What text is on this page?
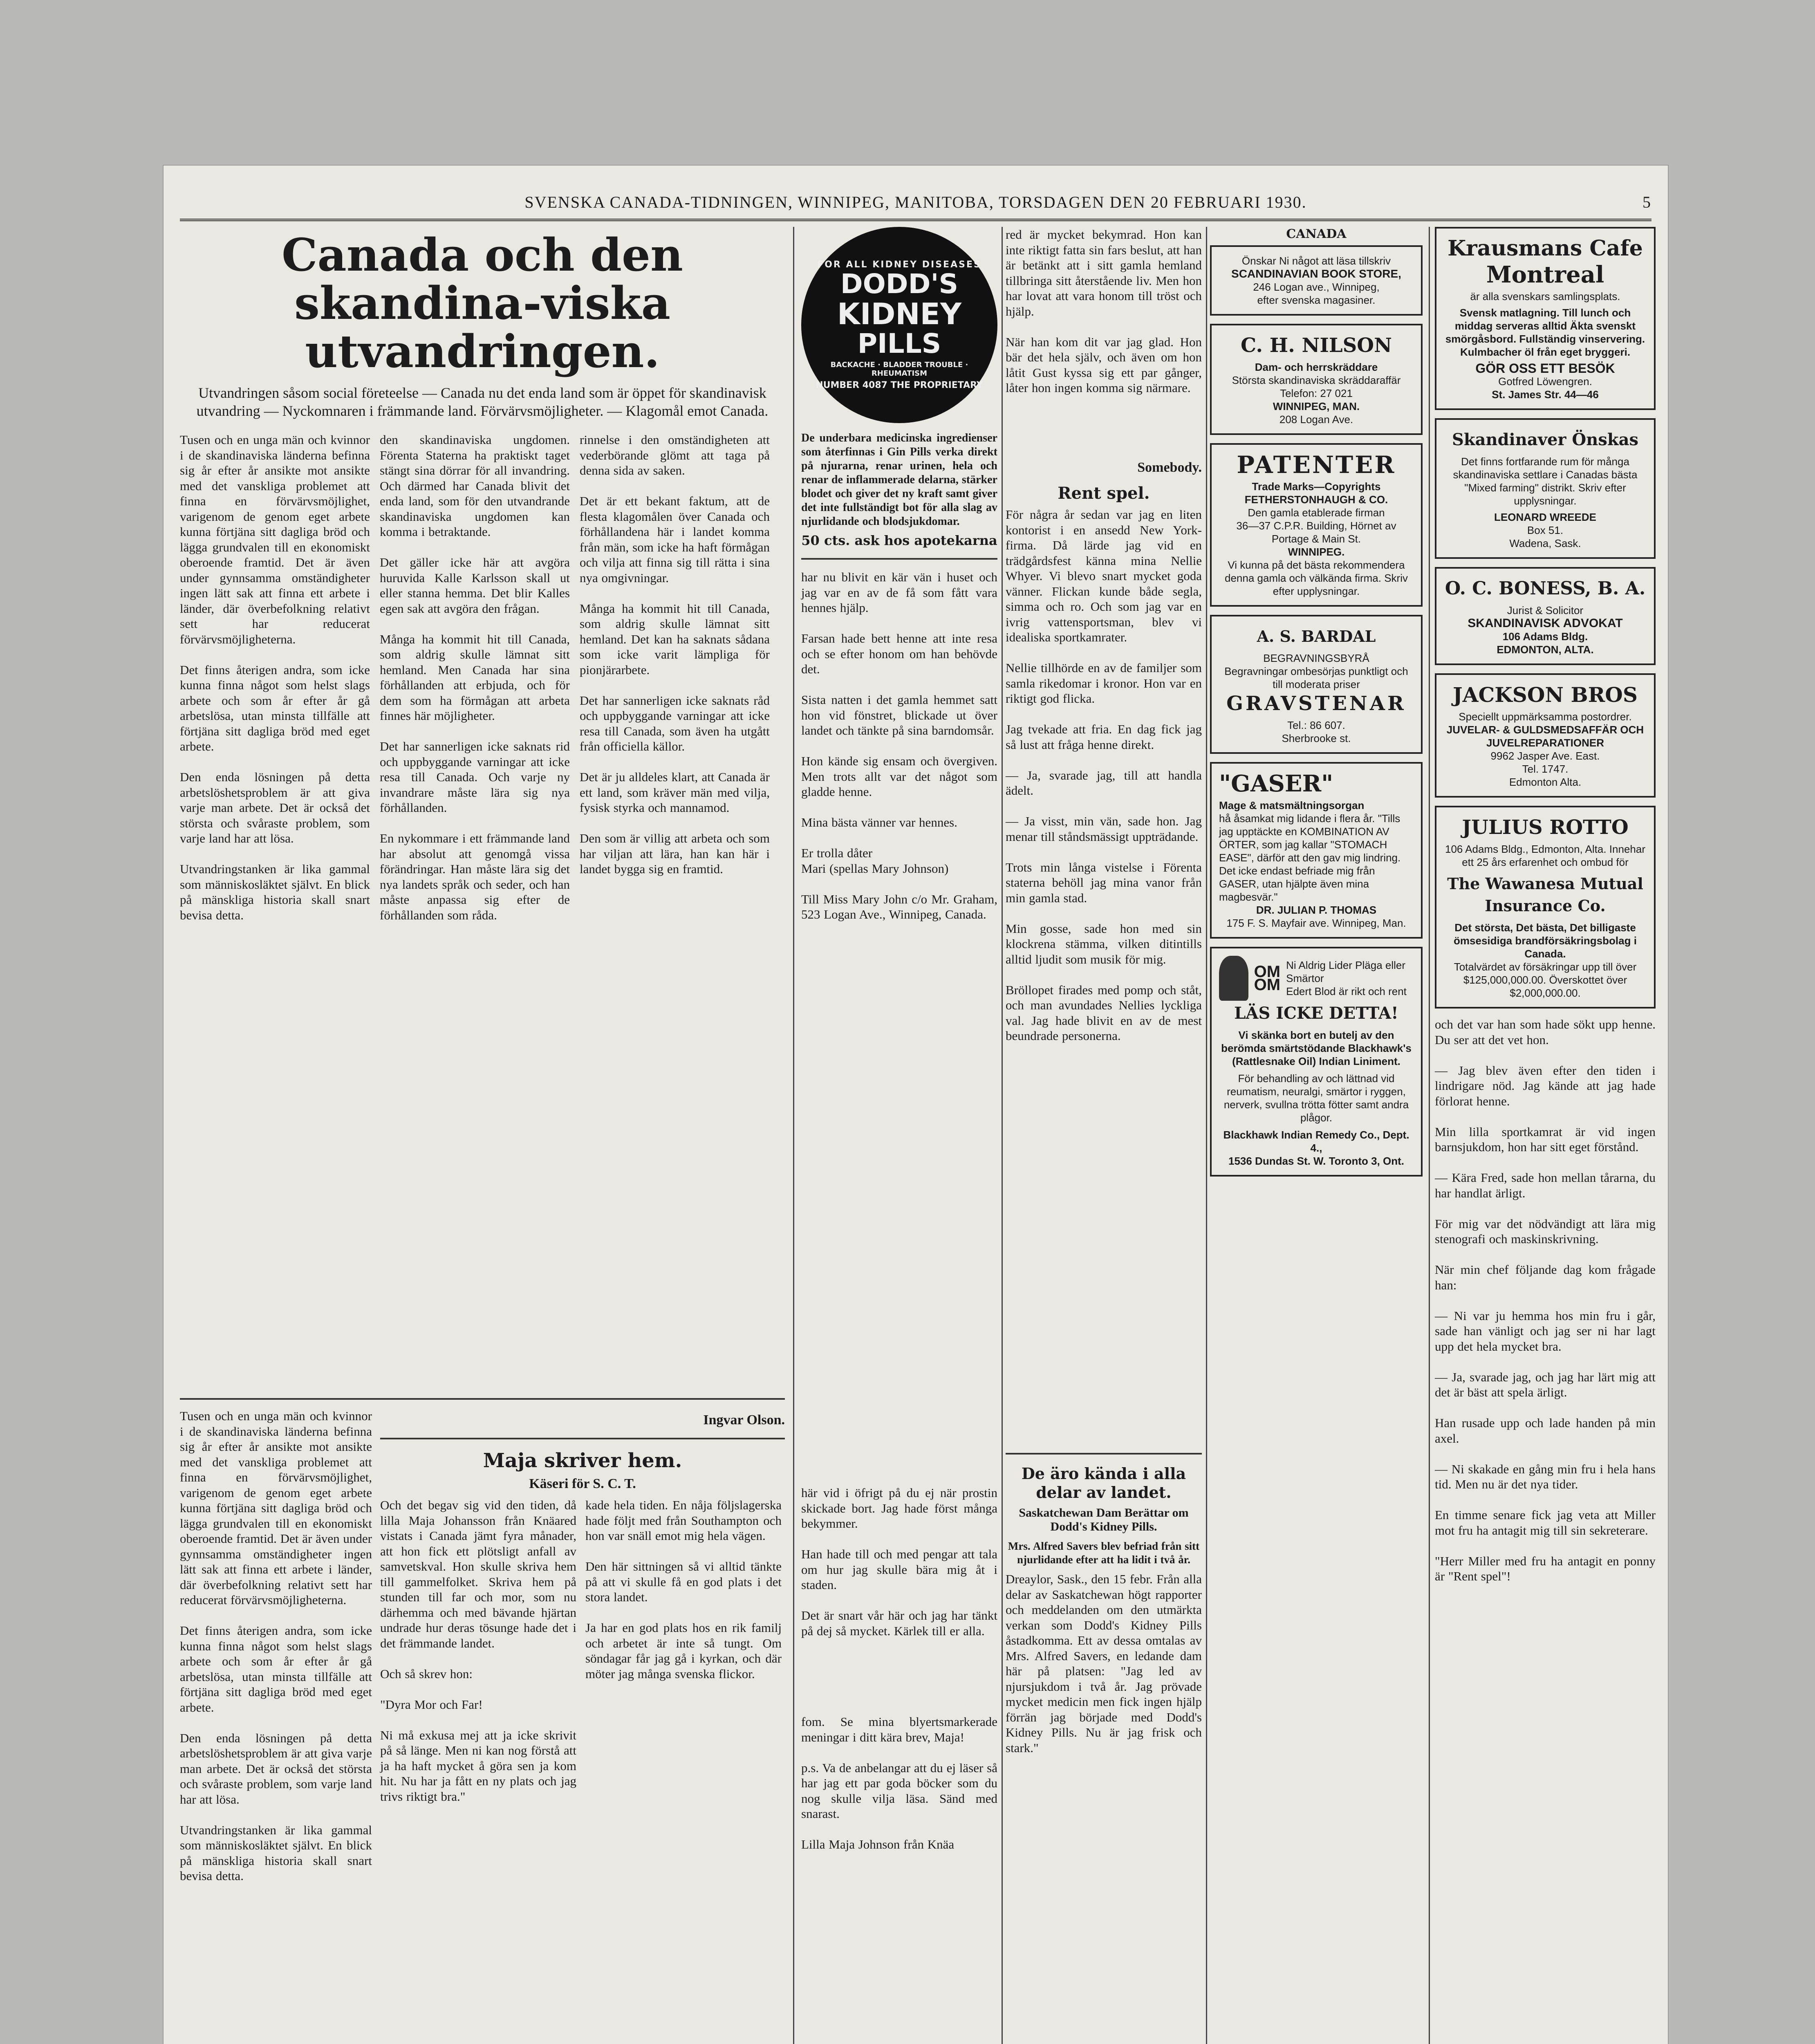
SVENSKA CANADA-TIDNINGEN, WINNIPEG, MANITOBA, TORSDAGEN DEN 20 FEBRUARI 1930.	5
Canada och den skandina-viska utvandringen.
Utvandringen såsom social företeelse — Canada nu det enda land som är öppet för skandinavisk utvandring — Nyckomnaren i främmande land. Förvärvsmöjligheter. — Klagomål emot Canada.
Tusen och en unga män och kvinnor i de skandinaviska länderna befinna sig år efter år ansikte mot ansikte med det vanskliga problemet att finna en förvärvsmöjlighet, varigenom de genom eget arbete kunna förtjäna sitt dagliga bröd och lägga grundvalen till en ekonomiskt oberoende framtid. Det är även under gynnsamma omständigheter ingen lätt sak att finna ett arbete i länder, där överbefolkning relativt sett har reducerat förvärvsmöjligheterna.

Det finns återigen andra, som icke kunna finna något som helst slags arbete och som år efter år gå arbetslösa, utan minsta tillfälle att förtjäna sitt dagliga bröd med eget arbete.

Den enda lösningen på detta arbetslöshetsproblem är att giva varje man arbete. Det är också det största och svåraste problem, som varje land har att lösa.

Utvandringstanken är lika gammal som människosläktet självt. En blick på mänskliga historia skall snart bevisa detta.
den skandinaviska ungdomen. Förenta Staterna ha praktiskt taget stängt sina dörrar för all invandring. Och därmed har Canada blivit det enda land, som för den utvandrande skandinaviska ungdomen kan komma i betraktande.

Det gäller icke här att avgöra huruvida Kalle Karlsson skall ut eller stanna hemma. Det blir Kalles egen sak att avgöra den frågan.

Många ha kommit hit till Canada, som aldrig skulle lämnat sitt hemland. Men Canada har sina förhållanden att erbjuda, och för dem som ha förmågan att arbeta finnes här möjligheter.

Det har sannerligen icke saknats rid och uppbyggande varningar att icke resa till Canada. Och varje ny invandrare måste lära sig nya förhållanden.

En nykommare i ett främmande land har absolut att genomgå vissa förändringar. Han måste lära sig det nya landets språk och seder, och han måste anpassa sig efter de förhållanden som råda.
rinnelse i den omständigheten att vederbörande glömt att taga på denna sida av saken.

Det är ett bekant faktum, att de flesta klagomålen över Canada och förhållandena här i landet komma från män, som icke ha haft förmågan och vilja att finna sig till rätta i sina nya omgivningar.

Många ha kommit hit till Canada, som aldrig skulle lämnat sitt hemland. Det kan ha saknats sådana som icke varit lämpliga för pionjärarbete.

Det har sannerligen icke saknats råd och uppbyggande varningar att icke resa till Canada, som även ha utgått från officiella källor.

Det är ju alldeles klart, att Canada är ett land, som kräver män med vilja, fysisk styrka och mannamod.

Den som är villig att arbeta och som har viljan att lära, han kan här i landet bygga sig en framtid.
Tusen och en unga män och kvinnor i de skandinaviska länderna befinna sig år efter år ansikte mot ansikte med det vanskliga problemet att finna en förvärvsmöjlighet, varigenom de genom eget arbete kunna förtjäna sitt dagliga bröd och lägga grundvalen till en ekonomiskt oberoende framtid. Det är även under gynnsamma omständigheter ingen lätt sak att finna ett arbete i länder, där överbefolkning relativt sett har reducerat förvärvsmöjligheterna.

Det finns återigen andra, som icke kunna finna något som helst slags arbete och som år efter år gå arbetslösa, utan minsta tillfälle att förtjäna sitt dagliga bröd med eget arbete.

Den enda lösningen på detta arbetslöshetsproblem är att giva varje man arbete. Det är också det största och svåraste problem, som varje land har att lösa.

Utvandringstanken är lika gammal som människosläktet självt. En blick på mänskliga historia skall snart bevisa detta.
Ingvar Olson.
Maja skriver hem.
Käseri för S. C. T.
Och det begav sig vid den tiden, då lilla Maja Johansson från Knäared vistats i Canada jämt fyra månader, att hon fick ett plötsligt anfall av samvetskval. Hon skulle skriva hem till gammelfolket. Skriva hem på stunden till far och mor, som nu därhemma och med bävande hjärtan undrade hur deras tösunge hade det i det främmande landet.

Och så skrev hon:

"Dyra Mor och Far!

Ni må exkusa mej att ja icke skrivit på så länge. Men ni kan nog förstå att ja ha haft mycket å göra sen ja kom hit. Nu har ja fått en ny plats och jag trivs riktigt bra."
kade hela tiden. En nåja följslagerska hade följt med från Southampton och hon var snäll emot mig hela vägen.

Den här sittningen så vi alltid tänkte på att vi skulle få en god plats i det stora landet.

Ja har en god plats hos en rik familj och arbetet är inte så tungt. Om söndagar får jag gå i kyrkan, och där möter jag många svenska flickor.
FOR ALL KIDNEY DISEASES
DODD'S
KIDNEY
PILLS
BACKACHE · BLADDER TROUBLE · RHEUMATISM
NUMBER 4087 THE PROPRIETARY
De underbara medicinska ingredienser som återfinnas i Gin Pills verka direkt på njurarna, renar urinen, hela och renar de inflammerade delarna, stärker blodet och giver det ny kraft samt giver det inte fullständigt bot för alla slag av njurlidande och blodsjukdomar.
50 cts. ask hos apotekarna
har nu blivit en kär vän i huset och jag var en av de få som fått vara hennes hjälp.

Farsan hade bett henne att inte resa och se efter honom om han behövde det.

Sista natten i det gamla hemmet satt hon vid fönstret, blickade ut över landet och tänkte på sina barndomsår.

Hon kände sig ensam och övergiven. Men trots allt var det något som gladde henne.

Mina bästa vänner var hennes.

Er trolla dåter
Mari (spellas Mary Johnson)

Till Miss Mary John c/o Mr. Graham, 523 Logan Ave., Winnipeg, Canada.
här vid i öfrigt på du ej när prostin skickade bort. Jag hade först många bekymmer.

Han hade till och med pengar att tala om hur jag skulle bära mig åt i staden.

Det är snart vår här och jag har tänkt på dej så mycket. Kärlek till er alla.
fom. Se mina blyertsmarkerade meningar i ditt kära brev, Maja!

p.s. Va de anbelangar att du ej läser så har jag ett par goda böcker som du nog skulle vilja läsa. Sänd med snarast.

Lilla Maja Johnson från Knäa
red är mycket bekymrad. Hon kan inte riktigt fatta sin fars beslut, att han är betänkt att i sitt gamla hemland tillbringa sitt återstående liv. Men hon har lovat att vara honom till tröst och hjälp.

När han kom dit var jag glad. Hon bär det hela själv, och även om hon låtit Gust kyssa sig ett par gånger, låter hon ingen komma sig närmare.
Somebody.
Rent spel.
För några år sedan var jag en liten kontorist i en ansedd New York-firma. Då lärde jag vid en trädgårdsfest känna mina Nellie Whyer. Vi blevo snart mycket goda vänner. Flickan kunde både segla, simma och ro. Och som jag var en ivrig vattensportsman, blev vi idealiska sportkamrater.

Nellie tillhörde en av de familjer som samla rikedomar i kronor. Hon var en riktigt god flicka.

Jag tvekade att fria. En dag fick jag så lust att fråga henne direkt.

— Ja, svarade jag, till att handla ädelt.

— Ja visst, min vän, sade hon. Jag menar till ståndsmässigt uppträdande.

Trots min långa vistelse i Förenta staterna behöll jag mina vanor från min gamla stad.

Min gosse, sade hon med sin klockrena stämma, vilken ditintills alltid ljudit som musik för mig.

Bröllopet firades med pomp och ståt, och man avundades Nellies lyckliga val. Jag hade blivit en av de mest beundrade personerna.
De äro kända i alla delar av landet.
Saskatchewan Dam Berättar om Dodd's Kidney Pills.
Mrs. Alfred Savers blev befriad från sitt njurlidande efter att ha lidit i två år.
Dreaylor, Sask., den 15 febr. Från alla delar av Saskatchewan högt rapporter och meddelanden om den utmärkta verkan som Dodd's Kidney Pills åstadkomma. Ett av dessa omtalas av Mrs. Alfred Savers, en ledande dam här på platsen: "Jag led av njursjukdom i två år. Jag prövade mycket medicin men fick ingen hjälp förrän jag började med Dodd's Kidney Pills. Nu är jag frisk och stark."
CANADA

Önskar Ni något att läsa tillskriv

SCANDINAVIAN BOOK STORE,

246 Logan ave., Winnipeg,

efter svenska magasiner.

C. H. NILSON

Dam- och herrskräddare

Största skandinaviska skräddaraffär

Telefon: 27 021

WINNIPEG, MAN.

208 Logan Ave.

PATENTER

Trade Marks—Copyrights

FETHERSTONHAUGH & CO.

Den gamla etablerade firman

36—37 C.P.R. Building, Hörnet av Portage & Main St.

WINNIPEG.

Vi kunna på det bästa rekommendera denna gamla och välkända firma. Skriv efter upplysningar.

A. S. BARDAL

BEGRAVNINGSBYRÅ

Begravningar ombesörjas punktligt och till moderata priser

GRAVSTENAR

Tel.: 86 607.

Sherbrooke st.

"GASER"

Mage & matsmältningsorgan

hå åsamkat mig lidande i flera år. "Tills jag upptäckte en KOMBINATION AV ÖRTER, som jag kallar "STOMACH EASE", därför att den gav mig lindring. Det icke endast befriade mig från GASER, utan hjälpte även mina magbesvär."

DR. JULIAN P. THOMAS

175 F. S. Mayfair ave. Winnipeg, Man.

OM

OM

Ni Aldrig Lider Pläga eller Smärtor

Edert Blod är rikt och rent

LÄS ICKE DETTA!

Vi skänka bort en butelj av den berömda smärtstödande Blackhawk's (Rattlesnake Oil) Indian Liniment.

För behandling av och lättnad vid reumatism, neuralgi, smärtor i ryggen, nerverk, svullna trötta fötter samt andra plågor.

Blackhawk Indian Remedy Co., Dept. 4.,

1536 Dundas St. W. Toronto 3, Ont.

Krausmans Cafe
Montreal

är alla svenskars samlingsplats.

Svensk matlagning. Till lunch och middag serveras alltid Äkta svenskt smörgåsbord. Fullständig vinservering. Kulmbacher öl från eget bryggeri.

GÖR OSS ETT BESÖK

Gotfred Löwengren.

St. James Str. 44—46

Skandinaver Önskas

Det finns fortfarande rum för många skandinaviska settlare i Canadas bästa "Mixed farming" distrikt. Skriv efter upplysningar.

LEONARD WREEDE

Box 51.

Wadena, Sask.

O. C. BONESS, B. A.

Jurist & Solicitor

SKANDINAVISK ADVOKAT

106 Adams Bldg.

EDMONTON, ALTA.

JACKSON BROS

Speciellt uppmärksamma postordrer.

JUVELAR- & GULDSMEDSAFFÄR OCH JUVELREPARATIONER

9962 Jasper Ave. East.

Tel. 1747.

Edmonton Alta.

JULIUS ROTTO

106 Adams Bldg., Edmonton, Alta. Innehar ett 25 års erfarenhet och ombud för

The Wawanesa Mutual Insurance Co.

Det största, Det bästa, Det billigaste ömsesidiga brandförsäkringsbolag i Canada.

Totalvärdet av försäkringar upp till över $125,000,000.00. Överskottet över $2,000,000.00.

och det var han som hade sökt upp henne. Du ser att det vet hon.

— Jag blev även efter den tiden i lindrigare nöd. Jag kände att jag hade förlorat henne.

Min lilla sportkamrat är vid ingen barnsjukdom, hon har sitt eget förstånd.

— Kära Fred, sade hon mellan tårarna, du har handlat ärligt.

För mig var det nödvändigt att lära mig stenografi och maskinskrivning.

När min chef följande dag kom frågade han:

— Ni var ju hemma hos min fru i går, sade han vänligt och jag ser ni har lagt upp det hela mycket bra.

— Ja, svarade jag, och jag har lärt mig att det är bäst att spela ärligt.

Han rusade upp och lade handen på min axel.

— Ni skakade en gång min fru i hela hans tid. Men nu är det nya tider.

En timme senare fick jag veta att Miller mot fru ha antagit mig till sin sekreterare.

"Herr Miller med fru ha antagit en ponny är "Rent spel"!
